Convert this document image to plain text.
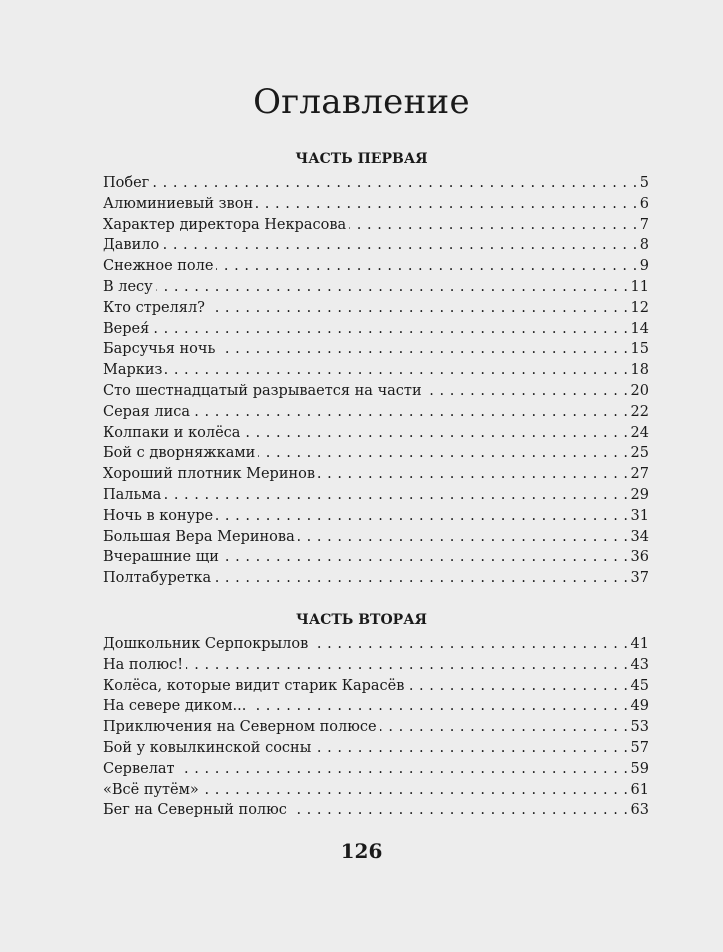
Оглавление
ЧАСТЬ ПЕРВАЯ
Побег . . .	5
Алюминиевый звон . . .	6
Характер директора Некрасова . . .	7
Давило . . .	8
Снежное поле . . .	9
В лесу . . .	11
Кто стрелял? . . .	12
Верея́ . . .	14
Барсучья ночь . . .	15
Маркиз . . .	18
Сто шестнадцатый разрывается на части . . .	20
Серая лиса . . .	22
Колпаки и колёса . . .	24
Бой с дворняжками . . .	25
Хороший плотник Меринов . . .	27
Пальма . . .	29
Ночь в конуре . . .	31
Большая Вера Меринова . . .	34
Вчерашние щи . . .	36
Полтабуретка . . .	37
ЧАСТЬ ВТОРАЯ
Дошкольник Серпокрылов . . .	41
На полюс! . . .	43
Колёса, которые видит старик Карасёв . . .	45
На севере диком... . . .	49
Приключения на Северном полюсе . . .	53
Бой у ковылкинской сосны . . .	57
Сервелат . . .	59
«Всё путём» . . .	61
Бег на Северный полюс . . .	63
126
